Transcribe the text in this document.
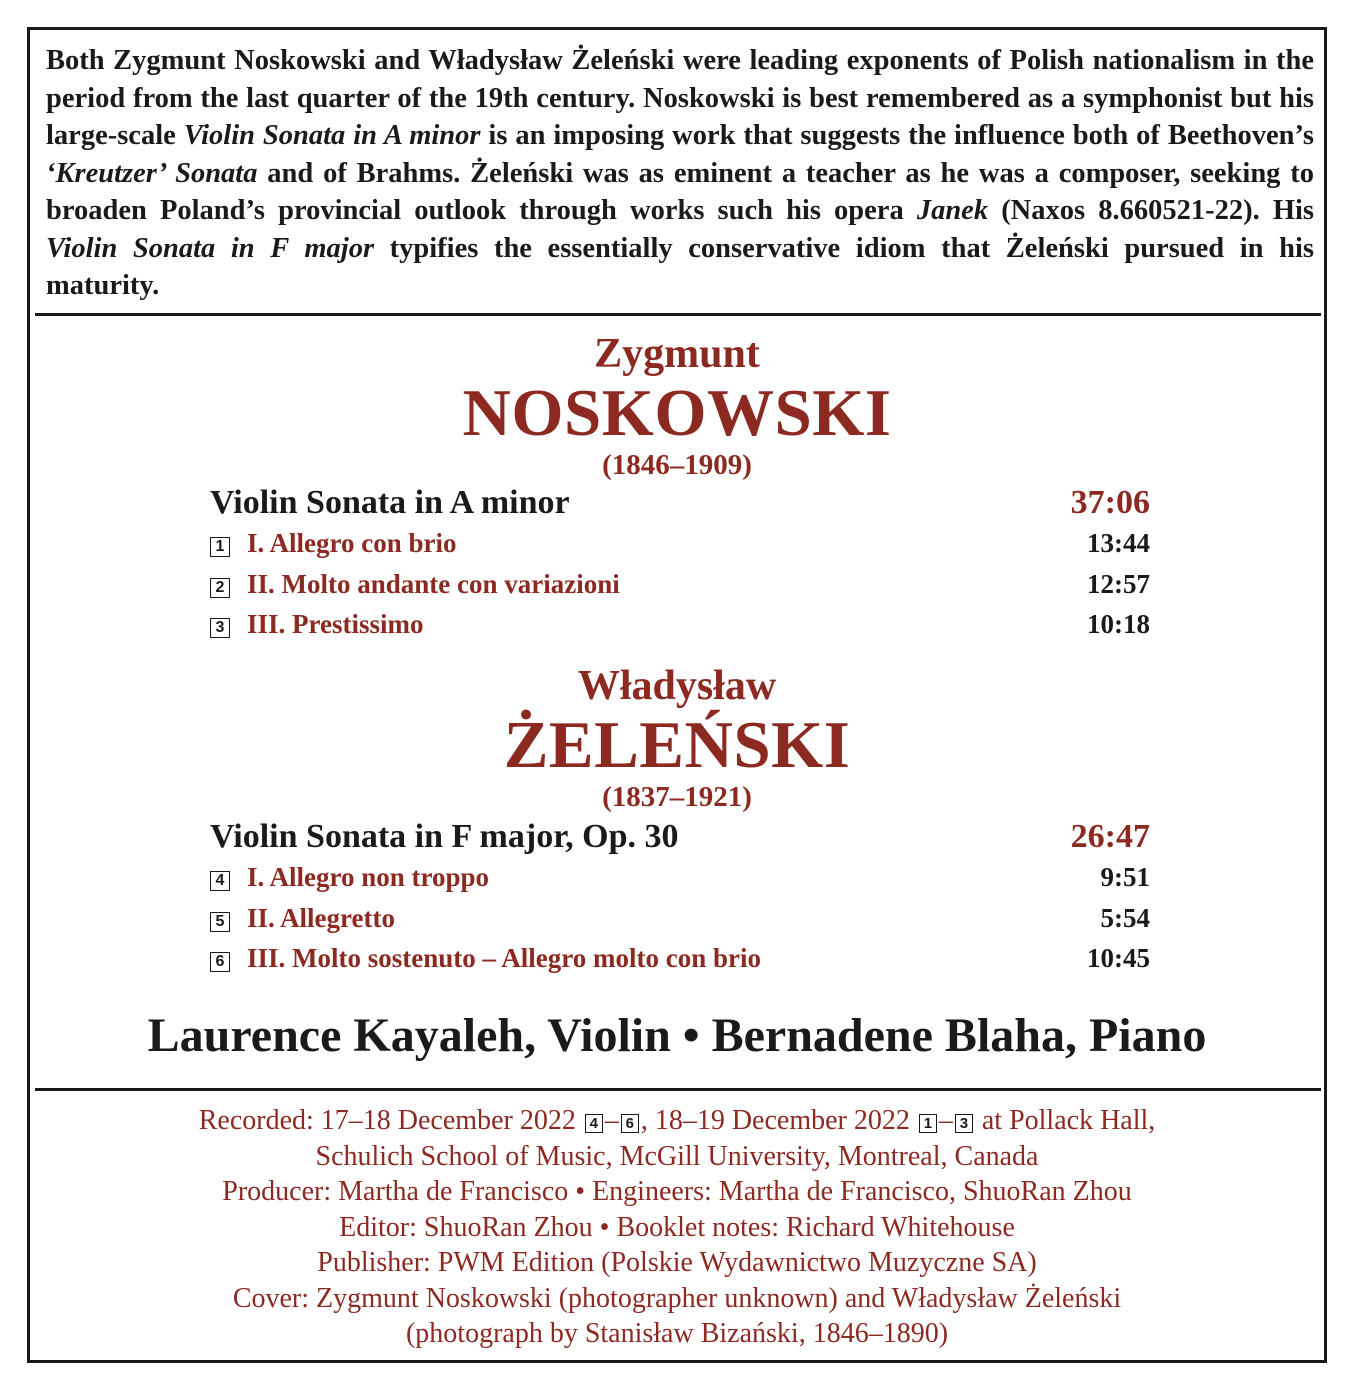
Both Zygmunt Noskowski and Władysław Żeleński were leading exponents of Polish nationalism in the period from the last quarter of the 19th century. Noskowski is best remembered as a symphonist but his large-scale Violin Sonata in A minor is an imposing work that suggests the influence both of Beethoven’s ‘Kreutzer’ Sonata and of Brahms. Żeleński was as eminent a teacher as he was a composer, seeking to broaden Poland’s provincial outlook through works such his opera Janek (Naxos 8.660521-22). His Violin Sonata in F major typifies the essentially conservative idiom that Żeleński pursued in his maturity.
Zygmunt
NOSKOWSKI
(1846–1909)
Violin Sonata in A minor	37:06
1 I. Allegro con brio	13:44
2 II. Molto andante con variazioni	12:57
3 III. Prestissimo	10:18
Władysław
ŻELEŃSKI
(1837–1921)
Violin Sonata in F major, Op. 30	26:47
4 I. Allegro non troppo	9:51
5 II. Allegretto	5:54
6 III. Molto sostenuto – Allegro molto con brio	10:45
Laurence Kayaleh, Violin • Bernadene Blaha, Piano
Recorded: 17–18 December 2022 4 – 6 , 18–19 December 2022 1 – 3 at Pollack Hall,
Schulich School of Music, McGill University, Montreal, Canada
Producer: Martha de Francisco • Engineers: Martha de Francisco, ShuoRan Zhou
Editor: ShuoRan Zhou • Booklet notes: Richard Whitehouse
Publisher: PWM Edition (Polskie Wydawnictwo Muzyczne SA)
Cover: Zygmunt Noskowski (photographer unknown) and Władysław Żeleński
(photograph by Stanisław Bizański, 1846–1890)
